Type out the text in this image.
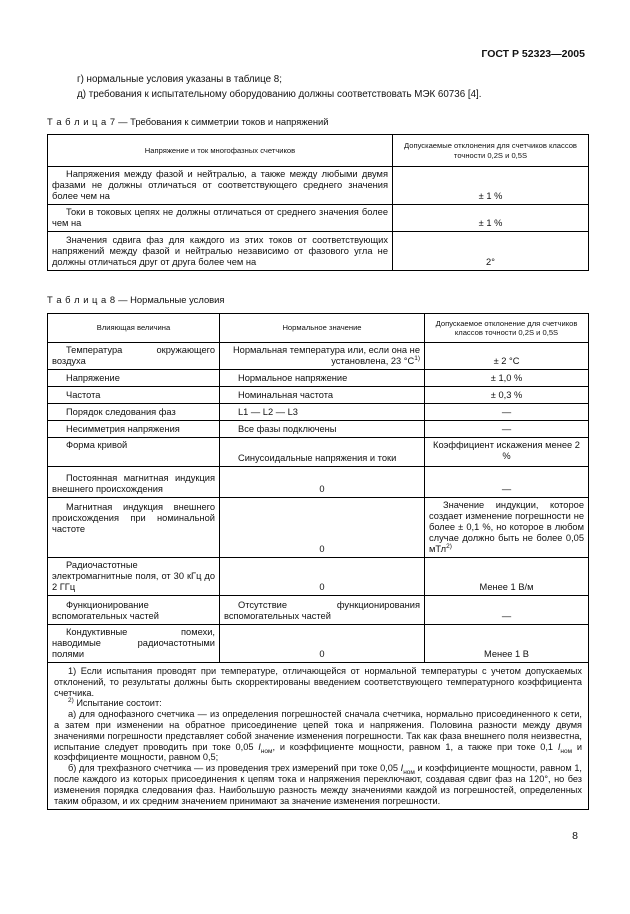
ГОСТ Р 52323—2005
г) нормальные условия указаны в таблице 8;
д) требования к испытательному оборудованию должны соответствовать МЭК 60736 [4].
Т а б л и ц а 7 — Требования к симметрии токов и напряжений
Напряжение и ток многофазных счетчиков	Допускаемые отклонения для счетчиков классов точности 0,2S и 0,5S
Напряжения между фазой и нейтралью, а также между любыми двумя фазами не должны отличаться от соответствующего среднего значения более чем на	± 1 %
Токи в токовых цепях не должны отличаться от среднего значения более чем на	± 1 %
Значения сдвига фаз для каждого из этих токов от соответствующих напряжений между фазой и нейтралью независимо от фазового угла не должны отличаться друг от друга более чем на	2°
Т а б л и ц а 8 — Нормальные условия
Влияющая величина	Нормальное значение	Допускаемое отклонение для счетчиков классов точности 0,2S и 0,5S
Температура окружающего воздуха	Нормальная температура или, если она не установлена, 23 $^\circ C^{1)}$	± 2 °C
Напряжение	Нормальное напряжение	± 1,0 %
Частота	Номинальная частота	± 0,3 %
Порядок следования фаз	L1 — L2 — L3	—
Несимметрия напряжения	Все фазы подключены	—
Форма кривой	Синусоидальные напряжения и токи	Коэффициент искажения менее 2 %
Постоянная магнитная индукция внешнего происхождения	0	—
Магнитная индукция внешнего происхождения при номинальной частоте	0	Значение индукции, которое создает изменение погрешности не более ± 0,1 %, но которое в любом случае должно быть не более 0,05 мТл$^{2)}$
Радиочастотные электромагнитные поля, от 30 кГц до 2 ГГц	0	Менее 1 В/м
Функционирование вспомогательных частей	Отсутствие функционирования вспомогательных частей	—
Кондуктивные помехи, наводимые радиочастотными полями	0	Менее 1 В

1) Если испытания проводят при температуре, отличающейся от нормальной температуры с учетом допускаемых отклонений, то результаты должны быть скорректированы введением соответствующего температурного коэффициента счетчика.

$^{2)}$ Испытание состоит:

а) для однофазного счетчика — из определения погрешностей сначала счетчика, нормально присоединенного к сети, а затем при изменении на обратное присоединение цепей тока и напряжения. Половина разности между двумя значениями погрешности представляет собой значение изменения погрешности. Так как фаза внешнего поля неизвестна, испытание следует проводить при токе 0,05 $I_{ном}$, и коэффициенте мощности, равном 1, а также при токе 0,1 $I_{ном}$ и коэффициенте мощности, равном 0,5;

б) для трехфазного счетчика — из проведения трех измерений при токе 0,05 $I_{ном}$ и коэффициенте мощности, равном 1, после каждого из которых присоединения к цепям тока и напряжения переключают, создавая сдвиг фаз на 120°, но без изменения порядка следования фаз. Наибольшую разность между значениями каждой из погрешностей, определенных таким образом, и их средним значением принимают за значение изменения погрешности.		

8
